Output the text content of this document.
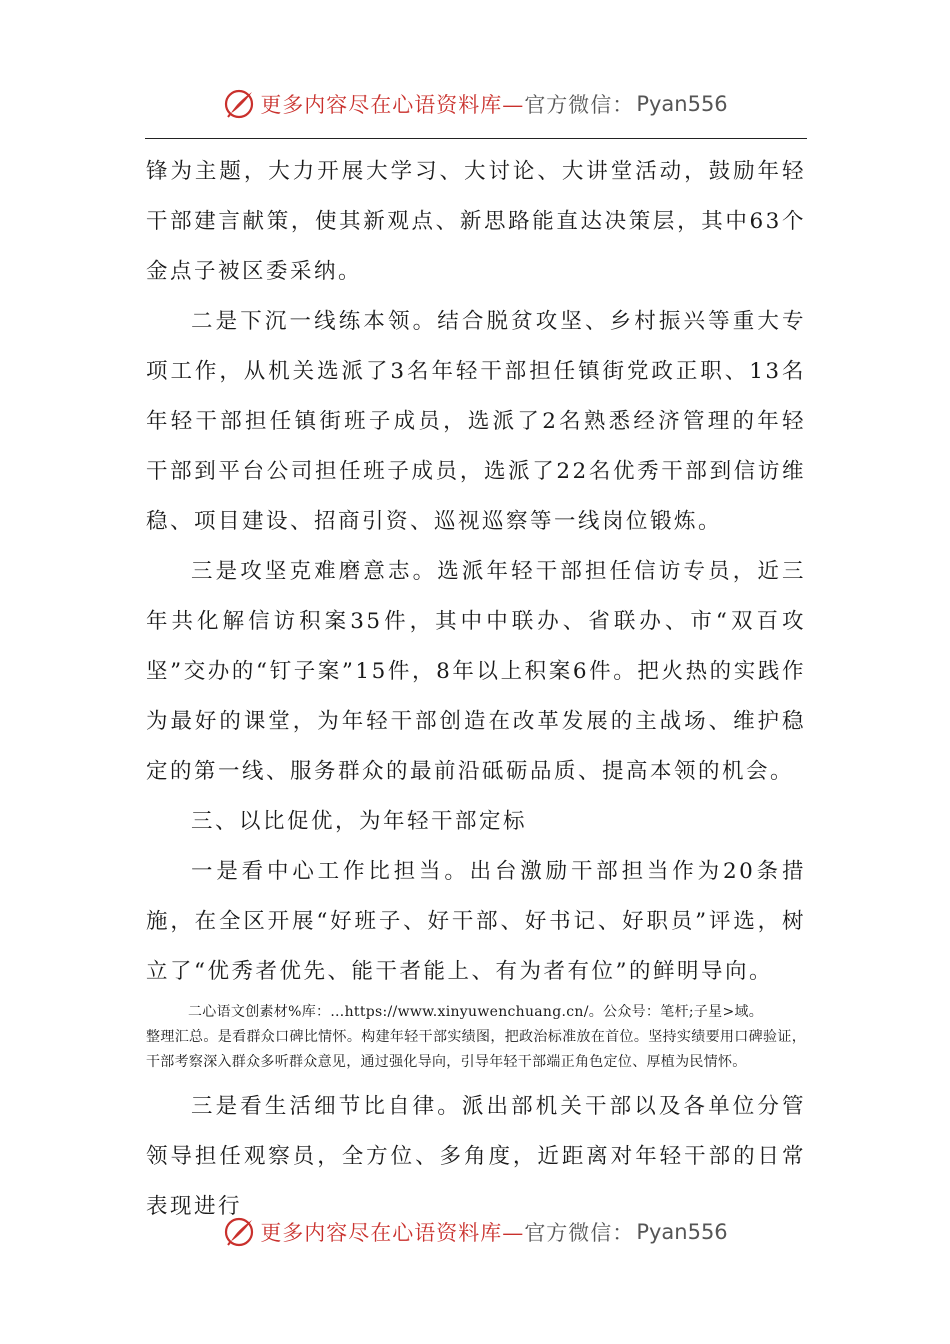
更多内容尽在心语资料库— 官方微信： Pyan556

锋为主题，大力开展大学习、大讨论、大讲堂活动，鼓励年轻干部建言献策，使其新观点、新思路能直达决策层，其中63个金点子被区委采纳。

二是下沉一线练本领。结合脱贫攻坚、乡村振兴等重大专项工作，从机关选派了3名年轻干部担任镇街党政正职、13名年轻干部担任镇街班子成员，选派了2名熟悉经济管理的年轻干部到平台公司担任班子成员，选派了22名优秀干部到信访维稳、项目建设、招商引资、巡视巡察等一线岗位锻炼。

三是攻坚克难磨意志。选派年轻干部担任信访专员，近三年共化解信访积案35件，其中中联办、省联办、市“双百攻坚”交办的“钉子案”15件，8年以上积案6件。把火热的实践作为最好的课堂，为年轻干部创造在改革发展的主战场、维护稳定的第一线、服务群众的最前沿砥砺品质、提高本领的机会。

三、以比促优，为年轻干部定标

一是看中心工作比担当。出台激励干部担当作为20条措施，在全区开展“好班子、好干部、好书记、好职员”评选，树立了“优秀者优先、能干者能上、有为者有位”的鲜明导向。

二心语文创素材%库：…https://www.xinyuwenchuang.cn/。公众号：笔杆;子星>域。
整理汇总。是看群众口碑比情怀。构建年轻干部实绩图，把政治标准放在首位。坚持实绩要用口碑验证，干部考察深入群众多听群众意见，通过强化导向，引导年轻干部端正角色定位、厚植为民情怀。

三是看生活细节比自律。派出部机关干部以及各单位分管领导担任观察员，全方位、多角度，近距离对年轻干部的日常表现进行

更多内容尽在心语资料库— 官方微信： Pyan556
